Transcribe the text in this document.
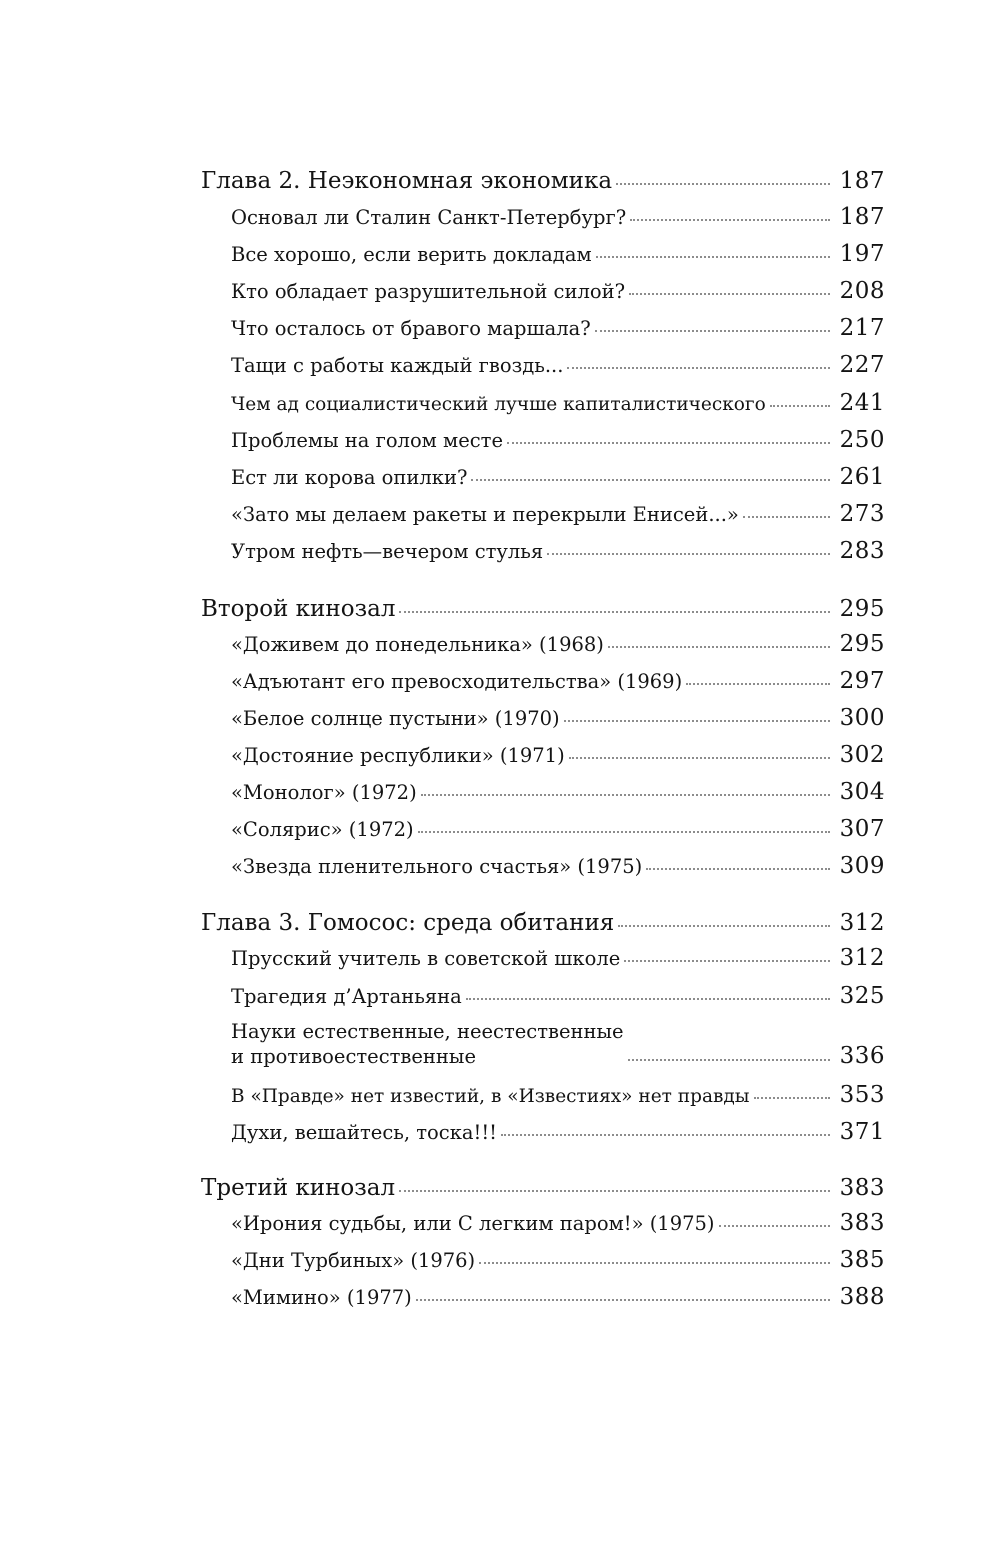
Глава 2. Неэкономная экономика	187
Основал ли Сталин Санкт-Петербург?	187
Все хорошо, если верить докладам	197
Кто обладает разрушительной силой?	208
Что осталось от бравого маршала?	217
Тащи с работы каждый гвоздь...	227
Чем ад социалистический лучше капиталистического	241
Проблемы на голом месте	250
Ест ли корова опилки?	261
«Зато мы делаем ракеты и перекрыли Енисей...»	273
Утром нефть—вечером стулья	283
Второй кинозал	295
«Доживем до понедельника» (1968)	295
«Адъютант его превосходительства» (1969)	297
«Белое солнце пустыни» (1970)	300
«Достояние республики» (1971)	302
«Монолог» (1972)	304
«Солярис» (1972)	307
«Звезда пленительного счастья» (1975)	309
Глава 3. Гомосос: среда обитания	312
Прусский учитель в советской школе	312
Трагедия д’Артаньяна	325
Науки естественные, неестественные
и противоестественные	336
В «Правде» нет известий, в «Известиях» нет правды	353
Духи, вешайтесь, тоска!!!	371
Третий кинозал	383
«Ирония судьбы, или С легким паром!» (1975)	383
«Дни Турбиных» (1976)	385
«Мимино» (1977)	388
